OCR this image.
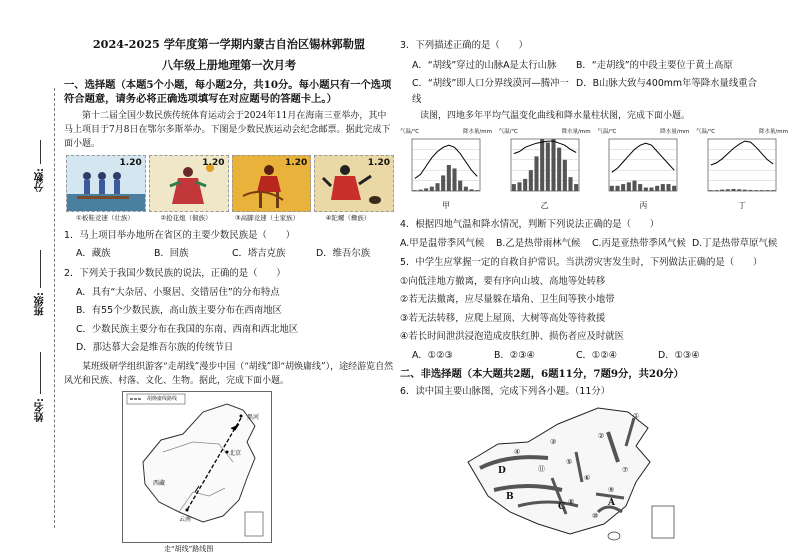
分数:
班级:
姓名:
2024-2025 学年度第一学期内蒙古自治区锡林郭勒盟
八年级上册地理第一次月考
一、选择题（本题5个小题，每小题2分，共10分。每小题只有一个选项符合题意，请务必将正确选项填写在对应题号的答题卡上。）
第十二届全国少数民族传统体育运动会于2024年11月在海南三亚举办，其中马上项目于7月8日在鄂尔多斯举办。下图是少数民族运动会纪念邮票。据此完成下面小题。
1.20	1.20	1.20	1.20
①板鞋竞速（壮族）	②抢花炮（侗族）	③高脚竞速（土家族）	④陀螺（彝族）
1．马上项目举办地所在省区的主要少数民族是（　　）
A．藏族	B．回族	C．塔吉克族	D．维吾尔族
2．下列关于我国少数民族的说法，正确的是（　　）
A．具有“大杂居、小聚居、交错居住”的分布特点
B．有55个少数民族，高山族主要分布在西南地区
C．少数民族主要分布在我国的东南、西南和西北地区
D．那达慕大会是维吾尔族的传统节日
某班级研学组织游客“走胡线”漫步中国（“胡线”即“胡焕庸线”），途经游览自然风光和民族、村落、文化、生物。据此，完成下面小题。
胡焕庸线路线
黑河
北京
西藏
云南
走“胡线”路线图
3．下列描述正确的是（　　）
A．“胡线”穿过的山脉A是太行山脉	B．“走胡线”的中段主要位于黄土高原
C．“胡线”即人口分界线漠河—腾冲一线
D．B山脉大致与400mm年等降水量线重合
读图，四地多年平均气温变化曲线和降水量柱状图，完成下面小题。
气温/℃	降水量/mm
甲
气温/℃	降水量/mm
乙
气温/℃	降水量/mm
丙
气温/℃	降水量/mm
丁
4．根据四地气温和降水情况，判断下列说法正确的是（　　）
A.甲是温带季风气候	B.乙是热带雨林气候	C.丙是亚热带季风气候 D.丁是热带草原气候
5．中学生应掌握一定的自救自护常识。当洪涝灾害发生时，下列做法正确的是（　　）
①向低洼地方撤离，要有序向山坡、高地等处转移
②若无法撤离，应尽量躲在墙角、卫生间等狭小地带
③若无法转移，应爬上屋顶、大树等高处等待救援
④若长时间泄洪浸泡造成皮肤红肿、损伤者应及时就医
A．①②③	B．②③④	C．①②④	D．①③④
二、非选择题（本大题共2题，6题11分，7题9分，共20分）
6．读中国主要山脉图，完成下列各小题。（11分）
①
②
③
④
⑤
⑥
⑦
⑧
⑨
⑩
⑪
A
B
C
D
